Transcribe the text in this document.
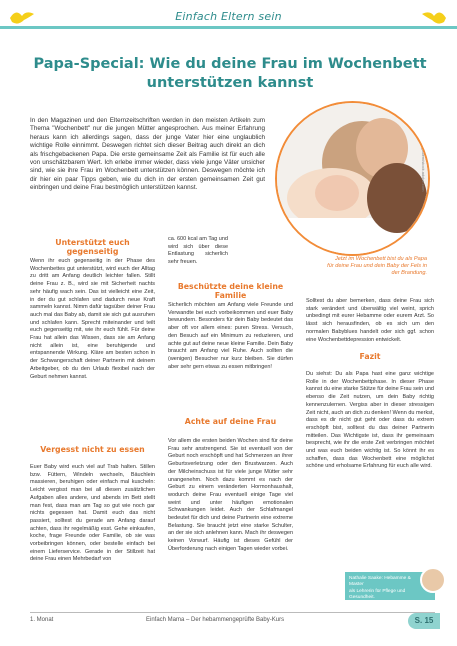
Einfach Eltern sein
Papa-Special: Wie du deine Frau im Wochenbett
unterstützen kannst
In den Magazinen und den Elternzeitschriften werden in den meisten Artikeln zum Thema "Wochenbett" nur die jungen Mütter angesprochen. Aus meiner Erfahrung heraus kann ich allerdings sagen, dass der junge Vater hier eine unglaublich wichtige Rolle einnimmt. Deswegen richtet sich dieser Beitrag auch direkt an dich als frischgebackenen Papa. Die erste gemeinsame Zeit als Familie ist für euch alle von unschätzbarem Wert. Ich erlebe immer wieder, dass viele junge Väter unsicher sind, wie sie ihre Frau im Wochenbett unterstützen können. Deswegen möchte ich dir hier ein paar Tipps geben, wie du dich in der ersten gemeinsamen Zeit gut einbringen und deine Frau bestmöglich unterstützen kannst.	© Antonioguillem/stock.adobe.com
Jetzt im Wochenbett bist du als Papa für deine Frau und dein Baby der Fels in der Brandung.
Unterstützt euch gegenseitig
Wenn ihr euch gegenseitig in der Phase des Wochenbettes gut unterstützt, wird euch der Alltag zu dritt am Anfang deutlich leichter fallen. Stillt deine Frau z. B., wird sie mit Sicherheit nachts sehr häufig wach sein. Das ist vielleicht eine Zeit, in der du gut schlafen und dadurch neue Kraft sammeln kannst. Nimm dafür tagsüber deiner Frau auch mal das Baby ab, damit sie sich gut ausruhen und schlafen kann. Sprecht miteinander und teilt euch gegenseitig mit, wie ihr euch fühlt. Für deine Frau hat allein das Wissen, dass sie am Anfang nicht allein ist, eine beruhigende und entspannende Wirkung. Kläre am besten schon in der Schwangerschaft deiner Partnerin mit deinem Arbeitgeber, ob du den Urlaub flexibel nach der Geburt nehmen kannst.
Vergesst nicht zu essen
Euer Baby wird euch viel auf Trab halten. Stillen bzw. Füttern, Windeln wechseln, Bäuchlein massieren, beruhigen oder einfach mal kuscheln: Leicht vergisst man bei all diesen zusätzlichen Aufgaben alles andere, und abends im Bett stellt man fest, dass man am Tag so gut wie noch gar nichts gegessen hat. Damit euch das nicht passiert, solltest du gerade am Anfang darauf achten, dass ihr regelmäßig esst. Gehe einkaufen, koche, frage Freunde oder Familie, ob sie was vorbeibringen können, oder bestelle einfach bei einem Lieferservice. Gerade in der Stillzeit hat deine Frau einen Mehrbedarf von
ca. 600 kcal am Tag und wird sich über diese Entlastung sicherlich sehr freuen.
Beschützte deine kleine Familie
Sicherlich möchten am Anfang viele Freunde und Verwandte bei euch vorbeikommen und euer Baby bewundern. Besonders für dein Baby bedeutet das aber oft vor allem eines: puren Stress. Versuch, den Besuch auf ein Minimum zu reduzieren, und achte gut auf deine neue kleine Familie. Dein Baby braucht am Anfang viel Ruhe. Auch sollten die (wenigen) Besucher nur kurz bleiben. Sie dürfen aber sehr gern etwas zu essen mitbringen!
Achte auf deine Frau
Vor allem die ersten beiden Wochen sind für deine Frau sehr anstrengend. Sie ist eventuell von der Geburt noch erschöpft und hat Schmerzen an ihrer Geburtsverletzung oder den Brustwarzen. Auch der Milcheinschuss ist für viele junge Mütter sehr unangenehm. Noch dazu kommt es nach der Geburt zu einem veränderten Hormonhaushalt, wodurch deine Frau eventuell einige Tage viel weint und unter häufigen emotionalen Schwankungen leidet. Auch der Schlafmangel bedeutet für dich und deine Partnerin eine extreme Belastung. Sie braucht jetzt eine starke Schulter, an der sie sich anlehnen kann. Mach ihr deswegen keinen Vorwurf. Häufig ist dieses Gefühl der Überforderung nach einigen Tagen wieder vorbei.
Solltest du aber bemerken, dass deine Frau sich stark verändert und überwältig viel weint, sprich unbedingt mit eurer Hebamme oder eurem Arzt. So lässt sich herausfinden, ob es sich um den normalen Babyblues handelt oder sich ggf. schon eine Wochenbettdepression entwickelt.
Fazit
Du siehst: Du als Papa hast eine ganz wichtige Rolle in der Wochenbettphase. In dieser Phase kannst du eine starke Stütze für deine Frau sein und ebenso die Zeit nutzen, um dein Baby richtig kennenzulernen. Vergiss aber in dieser stressigen Zeit nicht, auch an dich zu denken! Wenn du merkst, dass es dir nicht gut geht oder dass du extrem erschöpft bist, solltest du das deiner Partnerin mitteilen. Das Wichtigste ist, dass ihr gemeinsam besprecht, wie ihr die erste Zeit verbringen möchtet und was euch beiden wichtig ist. So könnt ihr es schaffen, dass das Wochenbett eine möglichst schöne und erholsame Erfahrung für euch alle wird.
Nathalie Saake: Hebamme & Master
als Lehrerin für Pflege und Gesundheit.
1. Monat	Einfach Mama – Der hebammengeprüfte Baby-Kurs	S. 15
